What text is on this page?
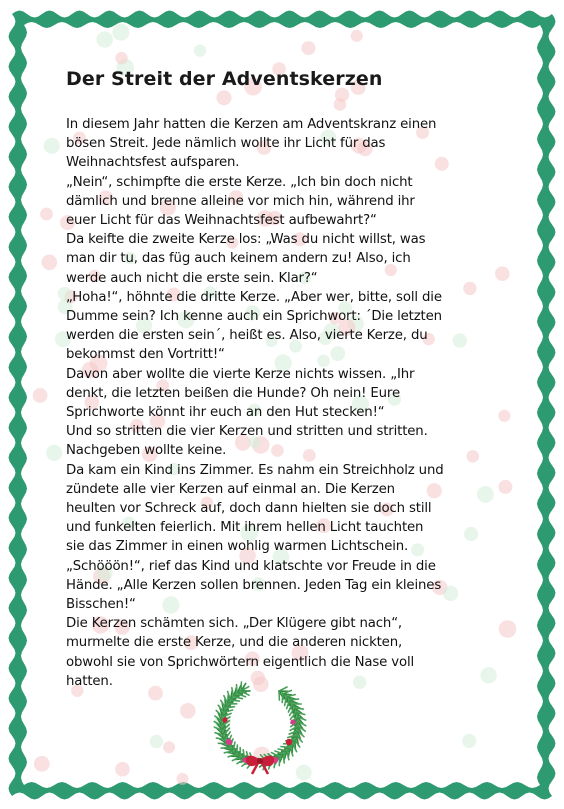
Der Streit der Adventskerzen

In diesem Jahr hatten die Kerzen am Adventskranz einen

bösen Streit. Jede nämlich wollte ihr Licht für das

Weihnachtsfest aufsparen.

„Nein“, schimpfte die erste Kerze. „Ich bin doch nicht

dämlich und brenne alleine vor mich hin, während ihr

euer Licht für das Weihnachtsfest aufbewahrt?“

Da keifte die zweite Kerze los: „Was du nicht willst, was

man dir tu, das füg auch keinem andern zu! Also, ich

werde auch nicht die erste sein. Klar?“

„Hoha!“, höhnte die dritte Kerze. „Aber wer, bitte, soll die

Dumme sein? Ich kenne auch ein Sprichwort: ´Die letzten

werden die ersten sein´, heißt es. Also, vierte Kerze, du

bekommst den Vortritt!“

Davon aber wollte die vierte Kerze nichts wissen. „Ihr

denkt, die letzten beißen die Hunde? Oh nein! Eure

Sprichworte könnt ihr euch an den Hut stecken!“

Und so stritten die vier Kerzen und stritten und stritten.

Nachgeben wollte keine.

Da kam ein Kind ins Zimmer. Es nahm ein Streichholz und

zündete alle vier Kerzen auf einmal an. Die Kerzen

heulten vor Schreck auf, doch dann hielten sie doch still

und funkelten feierlich. Mit ihrem hellen Licht tauchten

sie das Zimmer in einen wohlig warmen Lichtschein.

„Schööön!“, rief das Kind und klatschte vor Freude in die

Hände. „Alle Kerzen sollen brennen. Jeden Tag ein kleines

Bisschen!“

Die Kerzen schämten sich. „Der Klügere gibt nach“,

murmelte die erste Kerze, und die anderen nickten,

obwohl sie von Sprichwörtern eigentlich die Nase voll

hatten.
